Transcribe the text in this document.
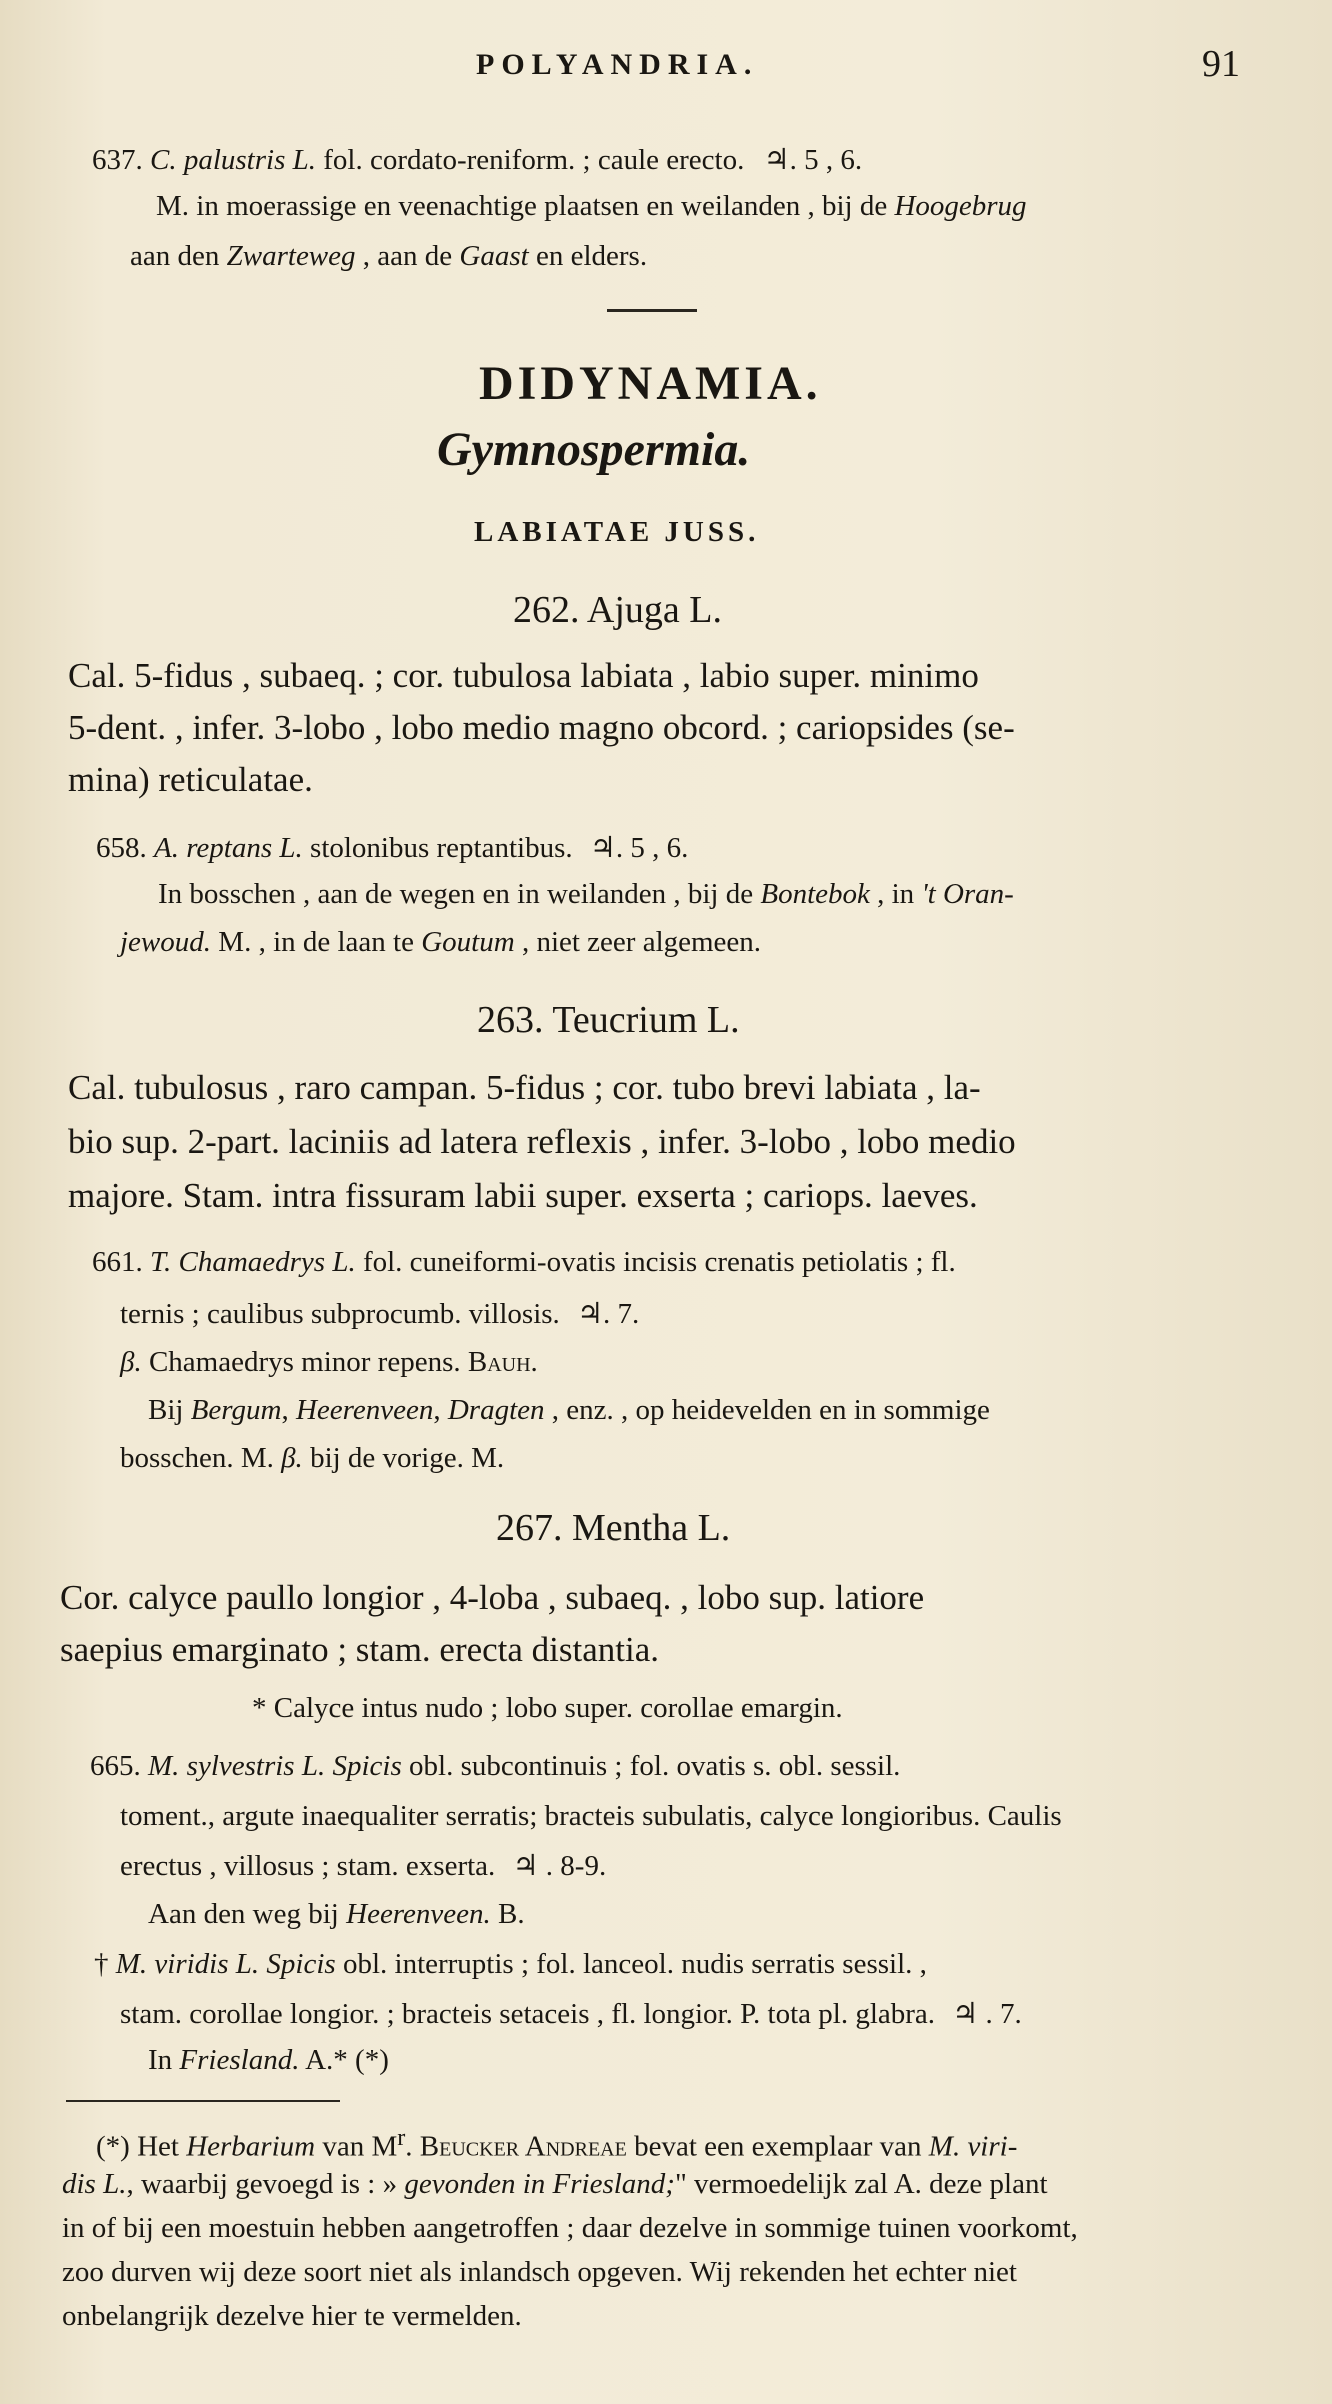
POLYANDRIA.	91
637. C. palustris L. fol. cordato-reniform. ; caule erecto. ♃. 5 , 6.
M. in moerassige en veenachtige plaatsen en weilanden , bij de Hoogebrug
aan den Zwarteweg , aan de Gaast en elders.
DIDYNAMIA.
Gymnospermia.
LABIATAE JUSS.
262. Ajuga L.
Cal. 5-fidus , subaeq. ; cor. tubulosa labiata , labio super. minimo
5-dent. , infer. 3-lobo , lobo medio magno obcord. ; cariopsides (se-
mina) reticulatae.
658. A. reptans L. stolonibus reptantibus. ♃. 5 , 6.
In bosschen , aan de wegen en in weilanden , bij de Bontebok , in 't Oran-
jewoud. M. , in de laan te Goutum , niet zeer algemeen.
263. Teucrium L.
Cal. tubulosus , raro campan. 5-fidus ; cor. tubo brevi labiata , la-
bio sup. 2-part. laciniis ad latera reflexis , infer. 3-lobo , lobo medio
majore. Stam. intra fissuram labii super. exserta ; cariops. laeves.
661. T. Chamaedrys L. fol. cuneiformi-ovatis incisis crenatis petiolatis ; fl.
ternis ; caulibus subprocumb. villosis. ♃. 7.
β. Chamaedrys minor repens. Bauh.
Bij Bergum, Heerenveen, Dragten , enz. , op heidevelden en in sommige
bosschen. M. β. bij de vorige. M.
267. Mentha L.
Cor. calyce paullo longior , 4-loba , subaeq. , lobo sup. latiore
saepius emarginato ; stam. erecta distantia.
* Calyce intus nudo ; lobo super. corollae emargin.
665. M. sylvestris L. Spicis obl. subcontinuis ; fol. ovatis s. obl. sessil.
toment., argute inaequaliter serratis; bracteis subulatis, calyce longioribus. Caulis
erectus , villosus ; stam. exserta. ♃ . 8-9.
Aan den weg bij Heerenveen. B.
† M. viridis L. Spicis obl. interruptis ; fol. lanceol. nudis serratis sessil. ,
stam. corollae longior. ; bracteis setaceis , fl. longior. P. tota pl. glabra. ♃ . 7.
In Friesland. A.* (*)
(*) Het Herbarium van $M^r$. Beucker Andreae bevat een exemplaar van M. viri-
dis L., waarbij gevoegd is : » gevonden in Friesland;" vermoedelijk zal A. deze plant
in of bij een moestuin hebben aangetroffen ; daar dezelve in sommige tuinen voorkomt,
zoo durven wij deze soort niet als inlandsch opgeven. Wij rekenden het echter niet
onbelangrijk dezelve hier te vermelden.
